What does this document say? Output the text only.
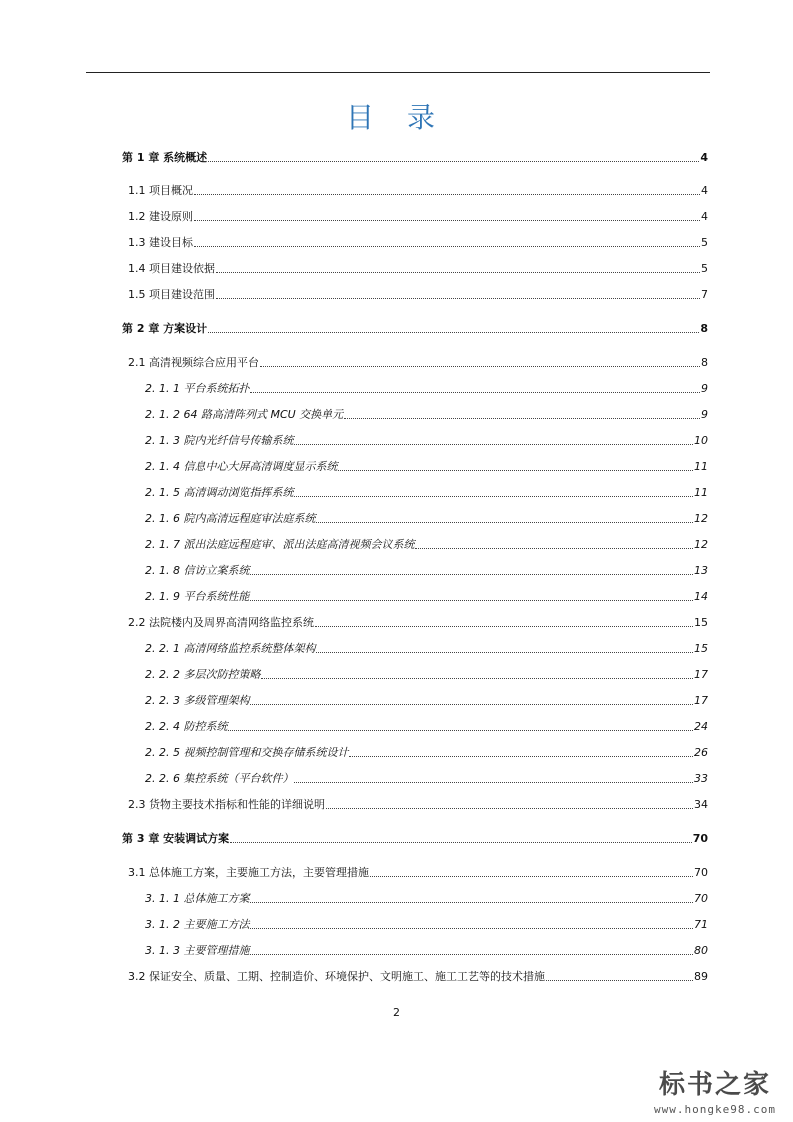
目 录
第 1 章 系统概述	4
1.1 项目概况	4
1.2 建设原则	4
1.3 建设目标	5
1.4 项目建设依据	5
1.5 项目建设范围	7
第 2 章 方案设计	8
2.1 高清视频综合应用平台	8
2. 1. 1 平台系统拓扑	9
2. 1. 2 64 路高清阵列式 MCU 交换单元	9
2. 1. 3 院内光纤信号传输系统	10
2. 1. 4 信息中心大屏高清调度显示系统	11
2. 1. 5 高清调动浏览指挥系统	11
2. 1. 6 院内高清远程庭审法庭系统	12
2. 1. 7 派出法庭远程庭审、派出法庭高清视频会议系统	12
2. 1. 8 信访立案系统	13
2. 1. 9 平台系统性能	14
2.2 法院楼内及周界高清网络监控系统	15
2. 2. 1 高清网络监控系统整体架构	15
2. 2. 2 多层次防控策略	17
2. 2. 3 多级管理架构	17
2. 2. 4 防控系统	24
2. 2. 5 视频控制管理和交换存储系统设计	26
2. 2. 6 集控系统（平台软件）	33
2.3 货物主要技术指标和性能的详细说明	34
第 3 章 安装调试方案	70
3.1 总体施工方案，主要施工方法，主要管理措施	70
3. 1. 1 总体施工方案	70
3. 1. 2 主要施工方法	71
3. 1. 3 主要管理措施	80
3.2 保证安全、质量、工期、控制造价、环境保护、文明施工、施工工艺等的技术措施	89
2
标书之家
www.hongke98.com
